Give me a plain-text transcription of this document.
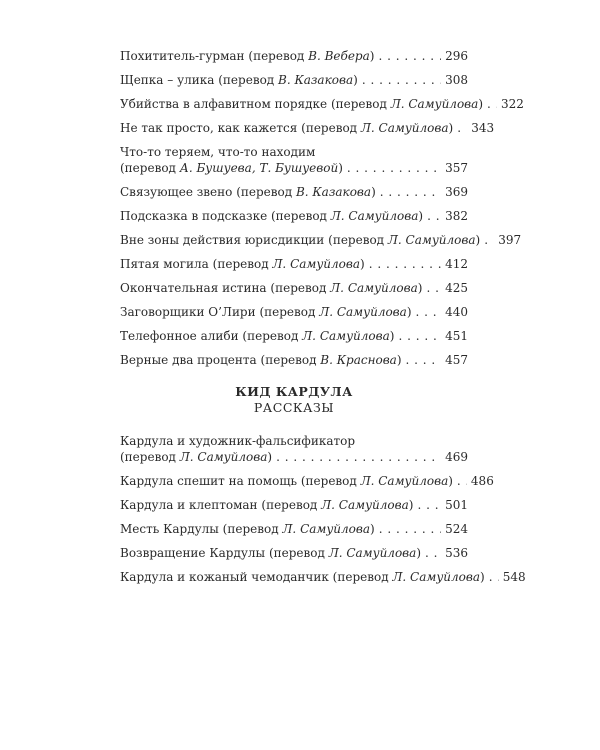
Похититель-гурман (перевод В. Вебера) . . .	296
Щепка – улика (перевод В. Казакова) . . .	308
Убийства в алфавитном порядке (перевод Л. Самуйлова) . . . 322
Не так просто, как кажется (перевод Л. Самуйлова) . . . 343
Что-то теряем, что-то находим
(перевод А. Бушуева, Т. Бушуевой) . . .	357
Связующее звено (перевод В. Казакова) . . .	369
Подсказка в подсказке (перевод Л. Самуйлова) . . . 382
Вне зоны действия юрисдикции (перевод Л. Самуйлова) . . . 397
Пятая могила (перевод Л. Самуйлова) . . .	412
Окончательная истина (перевод Л. Самуйлова) . . . 425
Заговорщики О’Лири (перевод Л. Самуйлова) . . .	440
Телефонное алиби (перевод Л. Самуйлова) . . .	451
Верные два процента (перевод В. Краснова) . . .	457
КИД КАРДУЛА
РАССКАЗЫ
Кардула и художник-фальсификатор
(перевод Л. Самуйлова) . . .	469
Кардула спешит на помощь (перевод Л. Самуйлова) . . . 486
Кардула и клептоман (перевод Л. Самуйлова) . . .	501
Месть Кардулы (перевод Л. Самуйлова) . . .	524
Возвращение Кардулы (перевод Л. Самуйлова) . . . 536
Кардула и кожаный чемоданчик (перевод Л. Самуйлова) . . . 548
